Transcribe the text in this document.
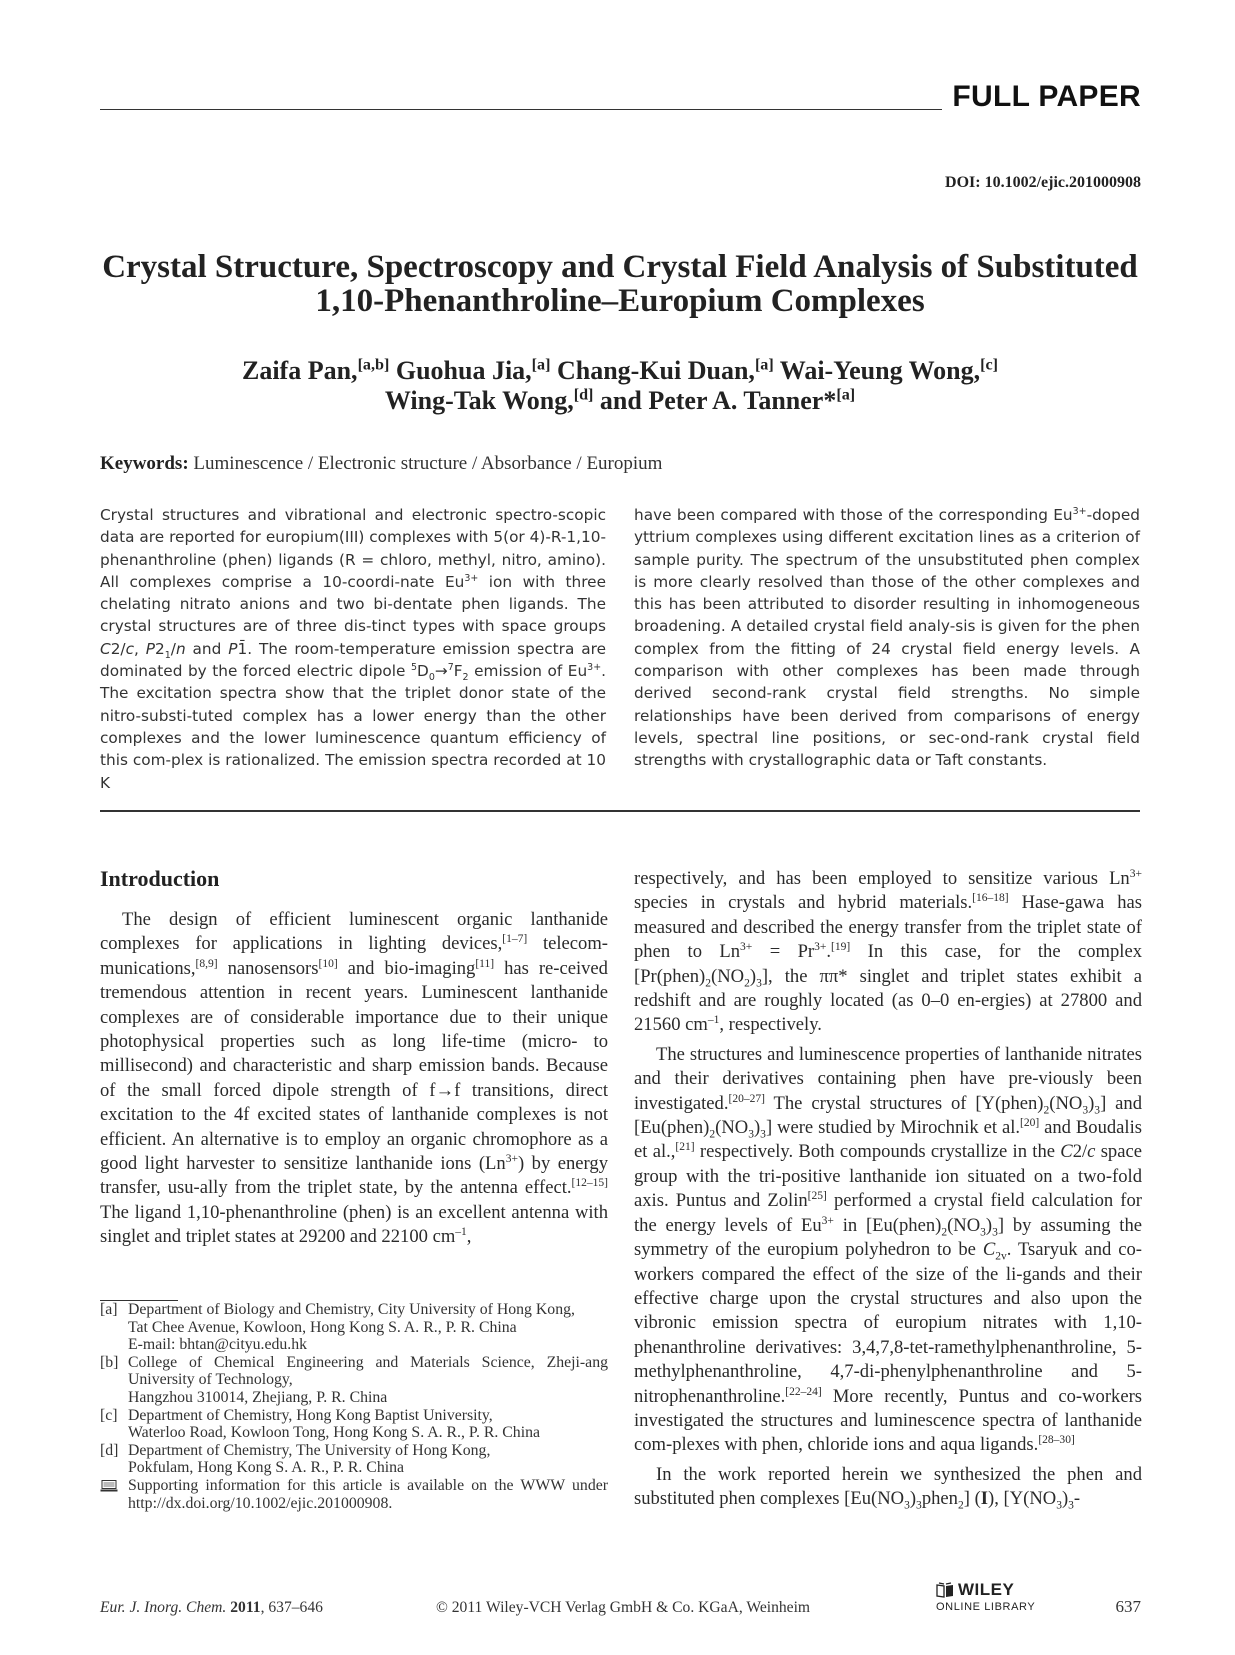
FULL PAPER
DOI: 10.1002/ejic.201000908
Crystal Structure, Spectroscopy and Crystal Field Analysis of Substituted
1,10-Phenanthroline–Europium Complexes
Zaifa Pan,[a,b] Guohua Jia,[a] Chang-Kui Duan,[a] Wai-Yeung Wong,[c]
Wing-Tak Wong,[d] and Peter A. Tanner*[a]
Keywords: Luminescence / Electronic structure / Absorbance / Europium
Crystal structures and vibrational and electronic spectro-scopic data are reported for europium(III) complexes with 5(or 4)-R-1,10-phenanthroline (phen) ligands (R = chloro, methyl, nitro, amino). All complexes comprise a 10-coordi-nate $Eu^{3+}$ ion with three chelating nitrato anions and two bi-dentate phen ligands. The crystal structures are of three dis-tinct types with space groups C2/c, $P2_1/n$ and P1̄. The room-temperature emission spectra are dominated by the forced electric dipole $^5D_0\to^7F_2$ emission of $Eu^{3+}$. The excitation spectra show that the triplet donor state of the nitro-substi-tuted complex has a lower energy than the other complexes and the lower luminescence quantum efficiency of this com-plex is rationalized. The emission spectra recorded at 10 K
have been compared with those of the corresponding $Eu^{3+}$-doped yttrium complexes using different excitation lines as a criterion of sample purity. The spectrum of the unsubstituted phen complex is more clearly resolved than those of the other complexes and this has been attributed to disorder resulting in inhomogeneous broadening. A detailed crystal field analy-sis is given for the phen complex from the fitting of 24 crystal field energy levels. A comparison with other complexes has been made through derived second-rank crystal field strengths. No simple relationships have been derived from comparisons of energy levels, spectral line positions, or sec-ond-rank crystal field strengths with crystallographic data or Taft constants.
Introduction

The design of efficient luminescent organic lanthanide complexes for applications in lighting devices,[1–7] telecom-munications,[8,9] nanosensors[10] and bio-imaging[11] has re-ceived tremendous attention in recent years. Luminescent lanthanide complexes are of considerable importance due to their unique photophysical properties such as long life-time (micro- to millisecond) and characteristic and sharp emission bands. Because of the small forced dipole strength of f→f transitions, direct excitation to the 4f excited states of lanthanide complexes is not efficient. An alternative is to employ an organic chromophore as a good light harvester to sensitize lanthanide ions $(Ln^{3+})$ by energy transfer, usu-ally from the triplet state, by the antenna effect.[12–15] The ligand 1,10-phenanthroline (phen) is an excellent antenna with singlet and triplet states at 29200 and 22100 $cm^{-1}$,

respectively, and has been employed to sensitize various $Ln^{3+}$ species in crystals and hybrid materials.[16–18] Hase-gawa has measured and described the energy transfer from the triplet state of phen to $Ln^{3+} = Pr^{3+}.[19]$ In this case, for the complex $[Pr(phen)_2(NO_2)_3]$, the ππ* singlet and triplet states exhibit a redshift and are roughly located (as 0–0 en-ergies) at 27800 and 21560 $cm^{-1}$, respectively.

The structures and luminescence properties of lanthanide nitrates and their derivatives containing phen have pre-viously been investigated.[20–27] The crystal structures of $[Y(phen)_2(NO_3)_3]$ and $[Eu(phen)_2(NO_3)_3]$ were studied by Mirochnik et al.[20] and Boudalis et al.,[21] respectively. Both compounds crystallize in the C2/c space group with the tri-positive lanthanide ion situated on a two-fold axis. Puntus and Zolin[25] performed a crystal field calculation for the energy levels of $Eu^{3+}$ in $[Eu(phen)_2(NO_3)_3]$ by assuming the symmetry of the europium polyhedron to be $C_{2v}$. Tsaryuk and co-workers compared the effect of the size of the li-gands and their effective charge upon the crystal structures and also upon the vibronic emission spectra of europium nitrates with 1,10-phenanthroline derivatives: 3,4,7,8-tet-ramethylphenanthroline, 5-methylphenanthroline, 4,7-di-phenylphenanthroline and 5-nitrophenanthroline.[22–24] More recently, Puntus and co-workers investigated the structures and luminescence spectra of lanthanide com-plexes with phen, chloride ions and aqua ligands.[28–30]

In the work reported herein we synthesized the phen and substituted phen complexes $[Eu(NO_3)_3phen_2]$ (I), [$Y(NO_3)_3-$

[a] Department of Biology and Chemistry, City University of Hong Kong,
Tat Chee Avenue, Kowloon, Hong Kong S. A. R., P. R. China
E-mail: bhtan@cityu.edu.hk
[b] College of Chemical Engineering and Materials Science, Zheji-ang University of Technology,
Hangzhou 310014, Zhejiang, P. R. China
[c] Department of Chemistry, Hong Kong Baptist University,
Waterloo Road, Kowloon Tong, Hong Kong S. A. R., P. R. China
[d] Department of Chemistry, The University of Hong Kong,
Pokfulam, Hong Kong S. A. R., P. R. China
Supporting information for this article is available on the WWW under http://dx.doi.org/10.1002/ejic.201000908.
Eur. J. Inorg. Chem. 2011, 637–646	© 2011 Wiley-VCH Verlag GmbH & Co. KGaA, Weinheim
WILEY
ONLINE LIBRARY	637
